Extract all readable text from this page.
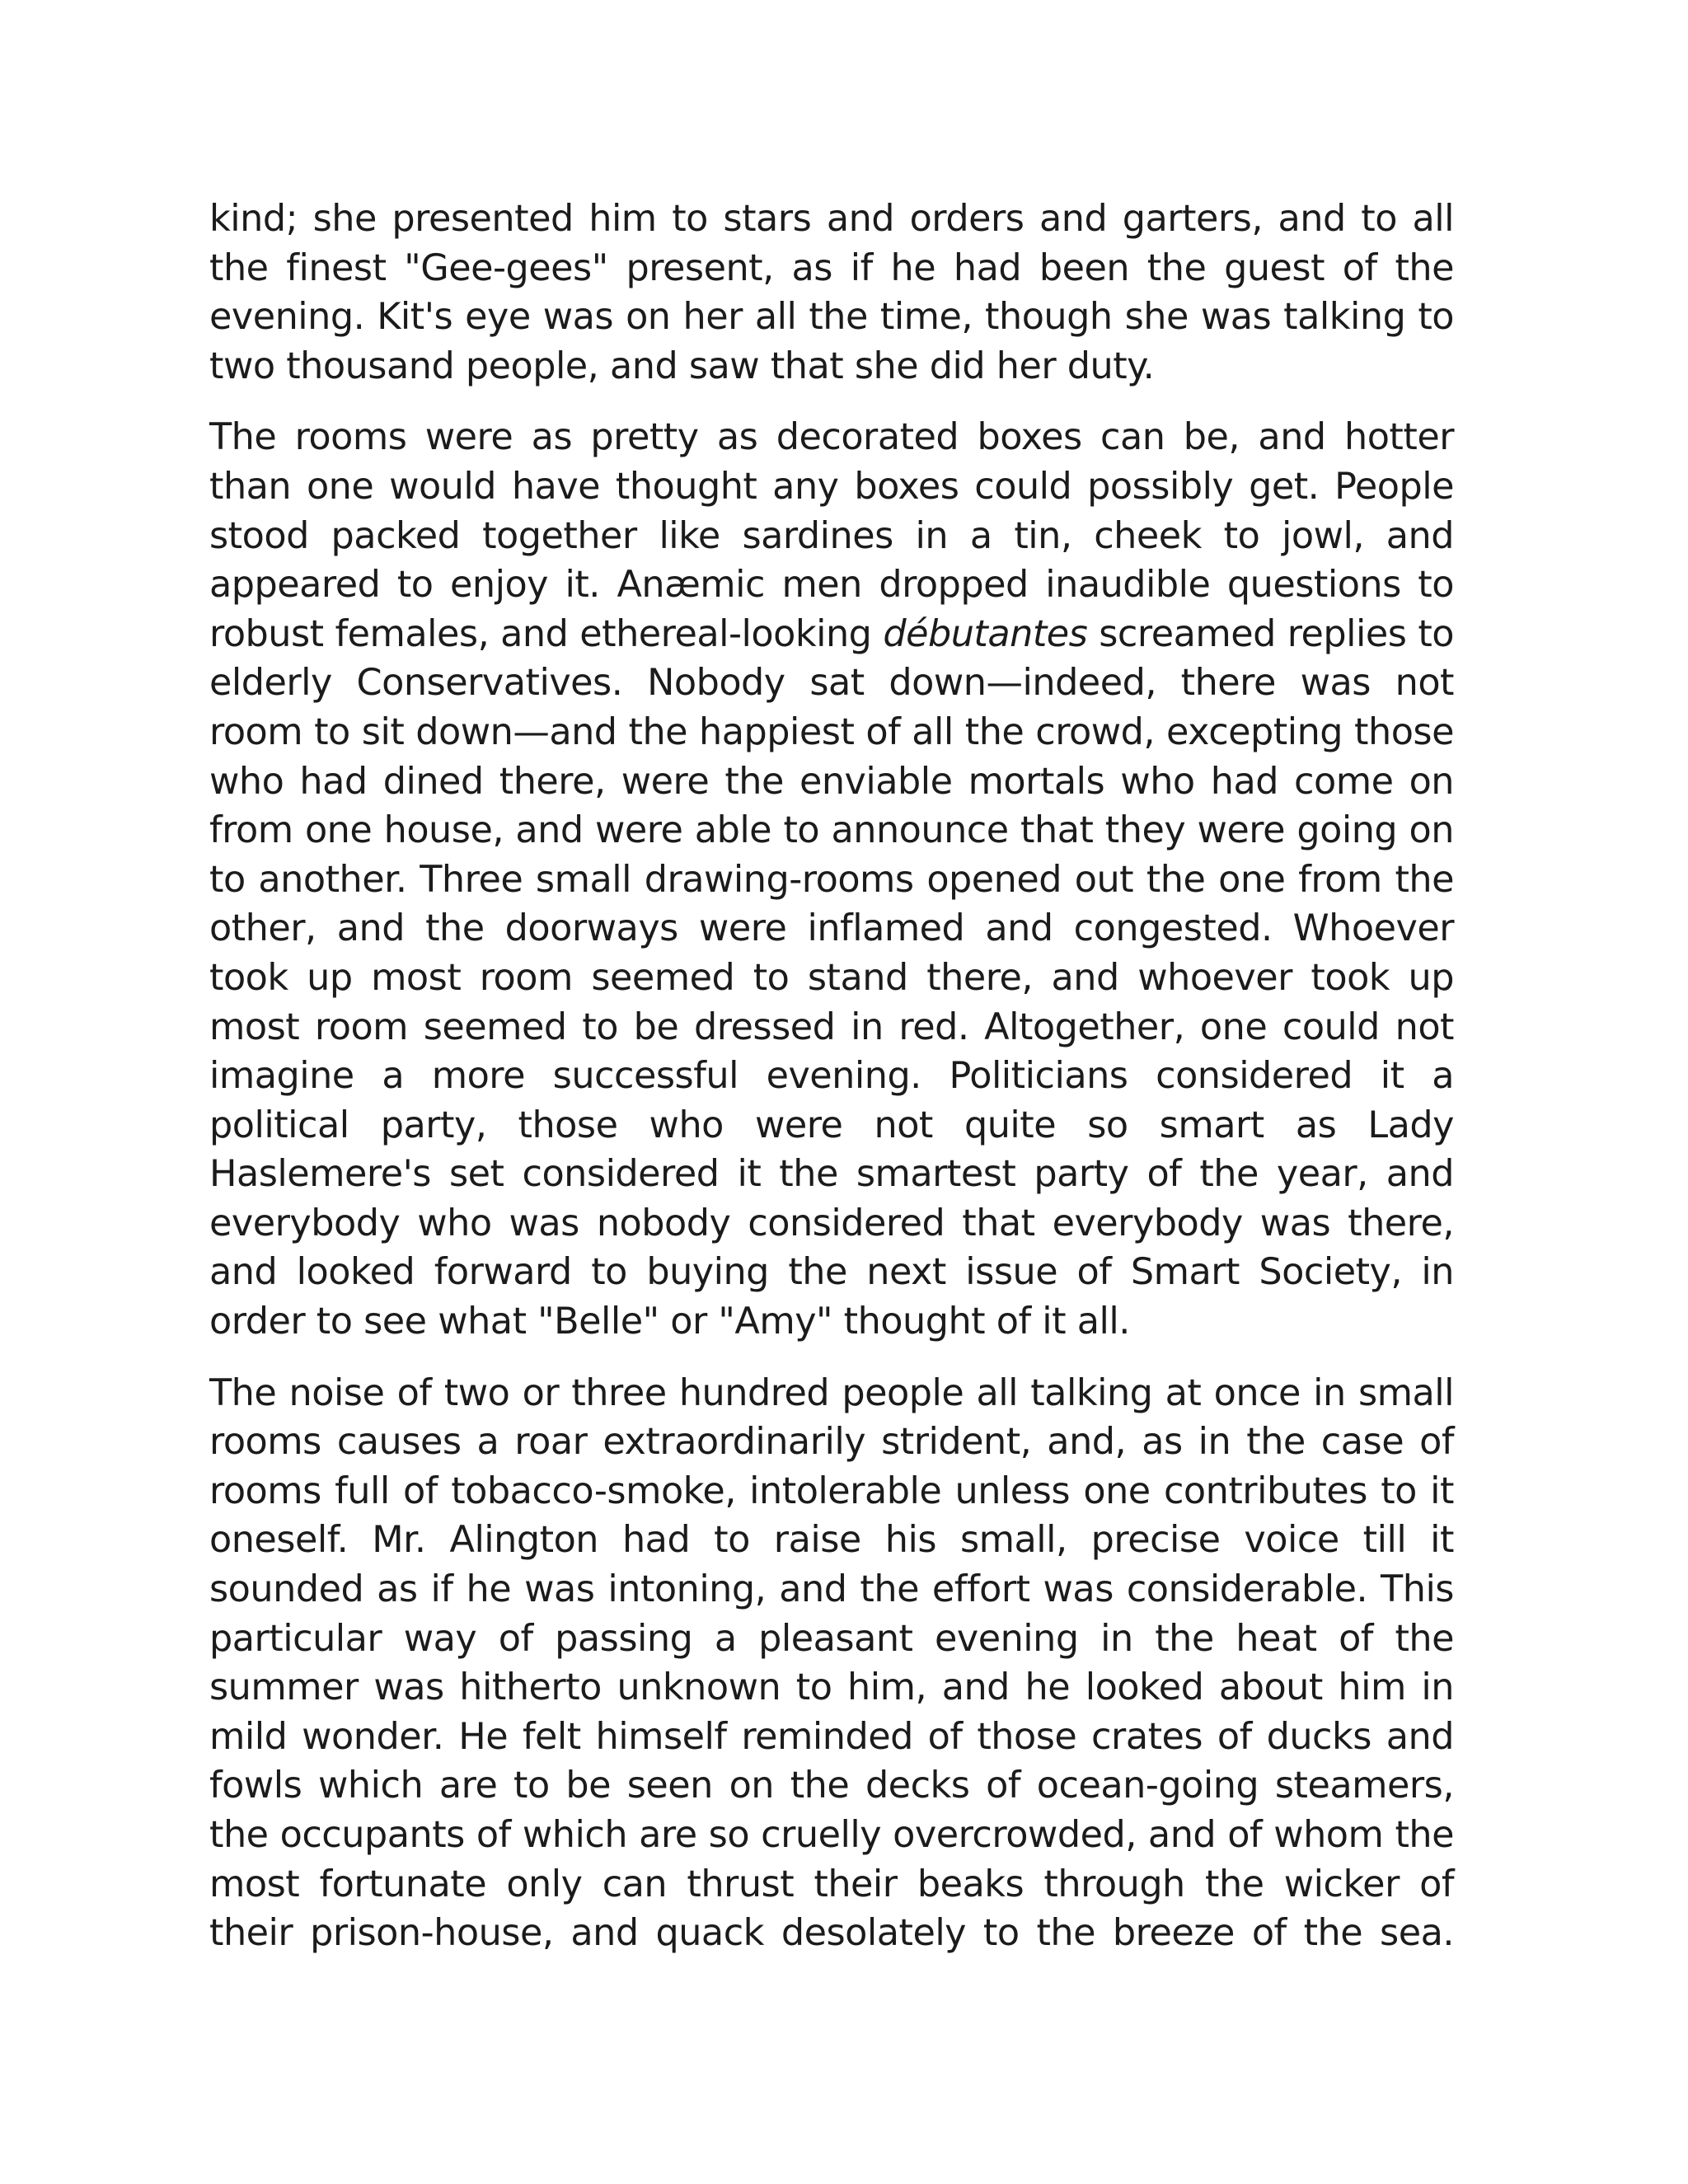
kind; she presented him to stars and orders and garters, and to all the finest "Gee-gees" present, as if he had been the guest of the evening. Kit's eye was on her all the time, though she was talking to two thousand people, and saw that she did her duty.

The rooms were as pretty as decorated boxes can be, and hotter than one would have thought any boxes could possibly get. People stood packed together like sardines in a tin, cheek to jowl, and appeared to enjoy it. Anæmic men dropped inaudible questions to robust females, and ethereal-looking débutantes screamed replies to elderly Conservatives. Nobody sat down—indeed, there was not room to sit down—and the happiest of all the crowd, excepting those who had dined there, were the enviable mortals who had come on from one house, and were able to announce that they were going on to another. Three small drawing-rooms opened out the one from the other, and the doorways were inflamed and congested. Whoever took up most room seemed to stand there, and whoever took up most room seemed to be dressed in red. Altogether, one could not imagine a more successful evening. Politicians considered it a political party, those who were not quite so smart as Lady Haslemere's set considered it the smartest party of the year, and everybody who was nobody considered that everybody was there, and looked forward to buying the next issue of Smart Society, in order to see what "Belle" or "Amy" thought of it all.

The noise of two or three hundred people all talking at once in small rooms causes a roar extraordinarily strident, and, as in the case of rooms full of tobacco-smoke, intolerable unless one contributes to it oneself. Mr. Alington had to raise his small, precise voice till it sounded as if he was intoning, and the effort was considerable. This particular way of passing a pleasant evening in the heat of the summer was hitherto unknown to him, and he looked about him in mild wonder. He felt himself reminded of those crates of ducks and fowls which are to be seen on the decks of ocean-going steamers, the occupants of which are so cruelly overcrowded, and of whom the most fortunate only can thrust their beaks through the wicker of their prison-house, and quack desolately to the breeze of the sea.
